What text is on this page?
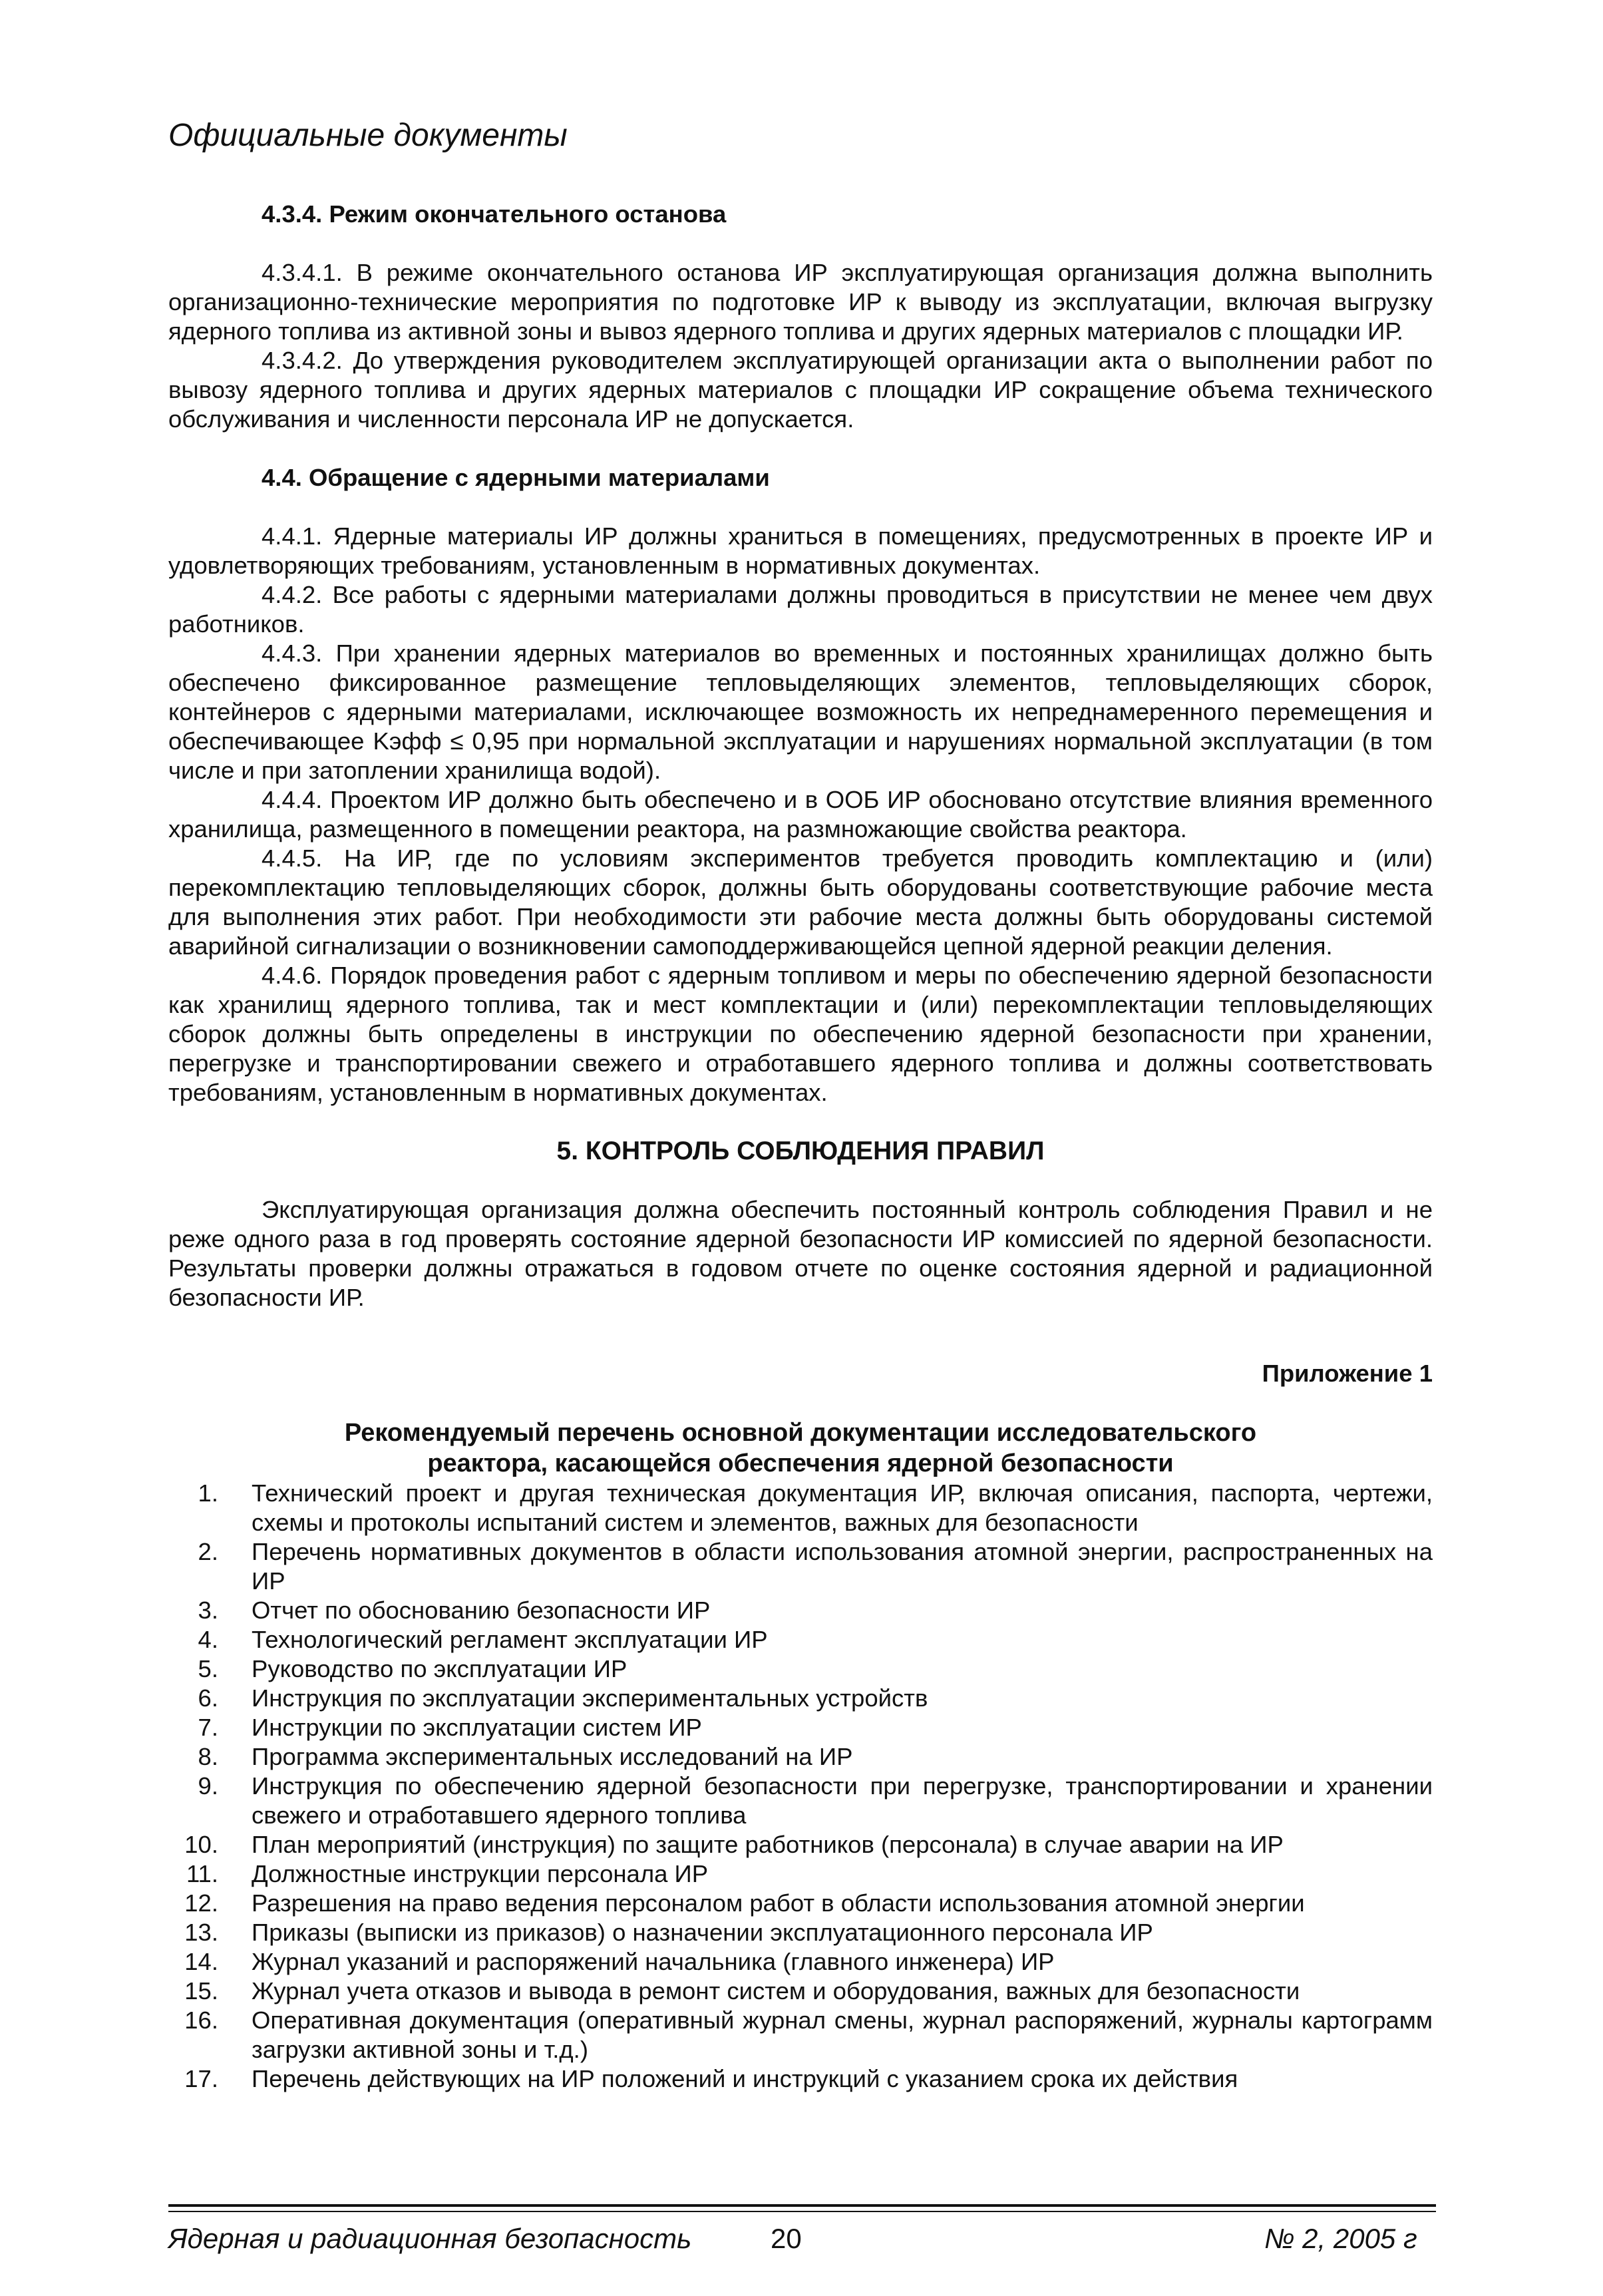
Официальные документы

4.3.4. Режим окончательного останова

4.3.4.1. В режиме окончательного останова ИР эксплуатирующая организация должна выполнить организационно-технические мероприятия по подготовке ИР к выводу из эксплуатации, включая выгрузку ядерного топлива из активной зоны и вывоз ядерного топлива и других ядерных материалов с площадки ИР.

4.3.4.2. До утверждения руководителем эксплуатирующей организации акта о выполнении работ по вывозу ядерного топлива и других ядерных материалов с площадки ИР сокращение объема технического обслуживания и численности персонала ИР не допускается.

4.4. Обращение с ядерными материалами

4.4.1. Ядерные материалы ИР должны храниться в помещениях, предусмотренных в проекте ИР и удовлетворяющих требованиям, установленным в нормативных документах.

4.4.2. Все работы с ядерными материалами должны проводиться в присутствии не менее чем двух работников.

4.4.3. При хранении ядерных материалов во временных и постоянных хранилищах должно быть обеспечено фиксированное размещение тепловыделяющих элементов, тепловыделяющих сборок, контейнеров с ядерными материалами, исключающее возможность их непреднамеренного перемещения и обеспечивающее Kэфф ≤ 0,95 при нормальной эксплуатации и нарушениях нормальной эксплуатации (в том числе и при затоплении хранилища водой).

4.4.4. Проектом ИР должно быть обеспечено и в ООБ ИР обосновано отсутствие влияния временного хранилища, размещенного в помещении реактора, на размножающие свойства реактора.

4.4.5. На ИР, где по условиям экспериментов требуется проводить комплектацию и (или) перекомплектацию тепловыделяющих сборок, должны быть оборудованы соответствующие рабочие места для выполнения этих работ. При необходимости эти рабочие места должны быть оборудованы системой аварийной сигнализации о возникновении самоподдерживающейся цепной ядерной реакции деления.

4.4.6. Порядок проведения работ с ядерным топливом и меры по обеспечению ядерной безопасности как хранилищ ядерного топлива, так и мест комплектации и (или) перекомплектации тепловыделяющих сборок должны быть определены в инструкции по обеспечению ядерной безопасности при хранении, перегрузке и транспортировании свежего и отработавшего ядерного топлива и должны соответствовать требованиям, установленным в нормативных документах.

5. КОНТРОЛЬ СОБЛЮДЕНИЯ ПРАВИЛ

Эксплуатирующая организация должна обеспечить постоянный контроль соблюдения Правил и не реже одного раза в год проверять состояние ядерной безопасности ИР комиссией по ядерной безопасности. Результаты проверки должны отражаться в годовом отчете по оценке состояния ядерной и радиационной безопасности ИР.

Приложение 1

Рекомендуемый перечень основной документации исследовательского
реактора, касающейся обеспечения ядерной безопасности
1.	Технический проект и другая техническая документация ИР, включая описания, паспорта, чертежи, схемы и протоколы испытаний систем и элементов, важных для безопасности
2.	Перечень нормативных документов в области использования атомной энергии, распространенных на ИР
3.	Отчет по обоснованию безопасности ИР
4.	Технологический регламент эксплуатации ИР
5.	Руководство по эксплуатации ИР
6.	Инструкция по эксплуатации экспериментальных устройств
7.	Инструкции по эксплуатации систем ИР
8.	Программа экспериментальных исследований на ИР
9.	Инструкция по обеспечению ядерной безопасности при перегрузке, транспортировании и хранении свежего и отработавшего ядерного топлива
10.	План мероприятий (инструкция) по защите работников (персонала) в случае аварии на ИР
11.	Должностные инструкции персонала ИР
12.	Разрешения на право ведения персоналом работ в области использования атомной энергии
13.	Приказы (выписки из приказов) о назначении эксплуатационного персонала ИР
14.	Журнал указаний и распоряжений начальника (главного инженера) ИР
15.	Журнал учета отказов и вывода в ремонт систем и оборудования, важных для безопасности
16.	Оперативная документация (оперативный журнал смены, журнал распоряжений, журналы картограмм загрузки активной зоны и т.д.)
17.	Перечень действующих на ИР положений и инструкций с указанием срока их действия
Ядерная и радиационная безопасность	20	№ 2, 2005 г
